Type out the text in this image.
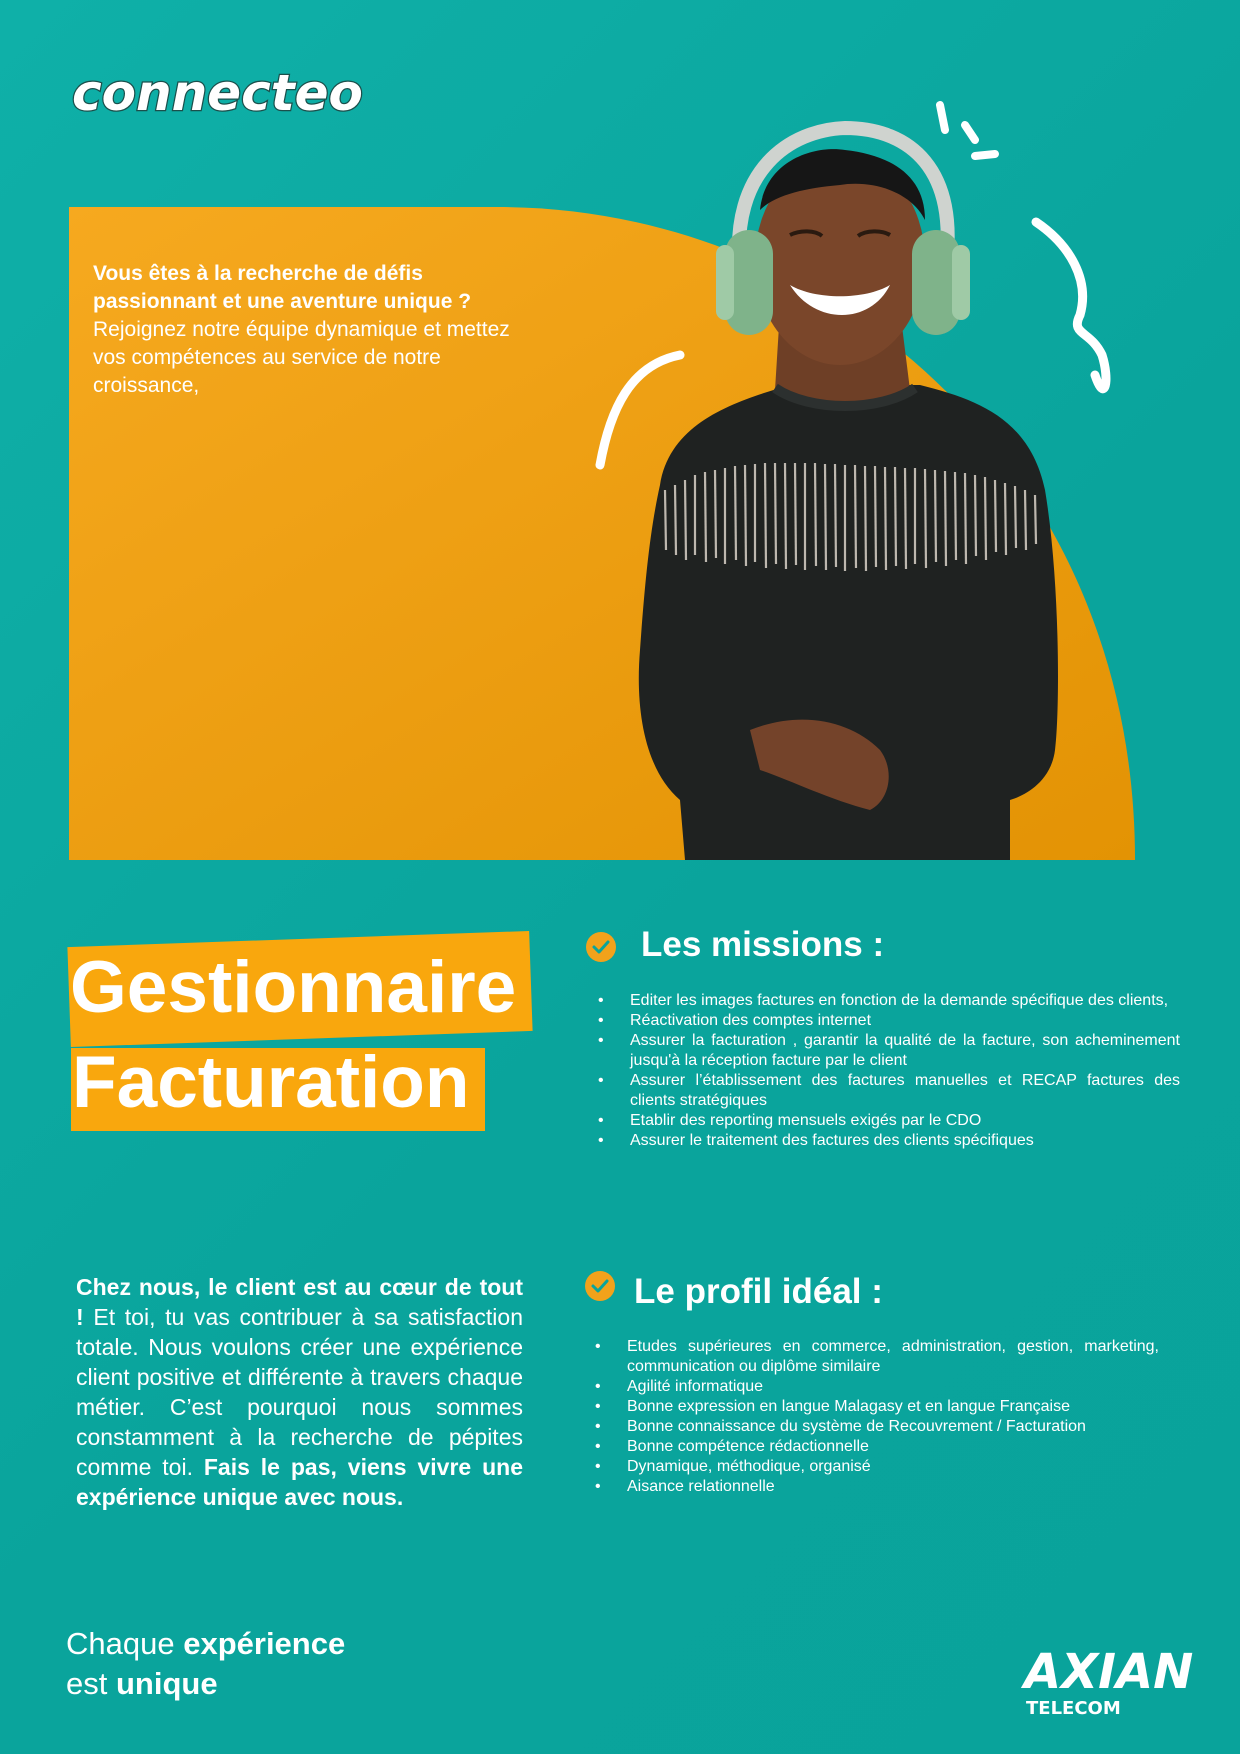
connecteo
Vous êtes à la recherche de défis passionnant et une aventure unique ?
Rejoignez notre équipe dynamique et mettez vos compétences au service de notre croissance,
Gestionnaire
Facturation
Les missions :
• Editer les images factures en fonction de la demande spécifique des clients,
• Réactivation des comptes internet
• Assurer la facturation , garantir la qualité de la facture, son acheminement jusqu'à la réception facture par le client
• Assurer l’établissement des factures manuelles et RECAP factures des clients stratégiques
• Etablir des reporting mensuels exigés par le CDO
• Assurer le traitement des factures des clients spécifiques
Chez nous, le client est au cœur de tout ! Et toi, tu vas contribuer à sa satisfaction totale. Nous voulons créer une expérience client positive et différente à travers chaque métier. C’est pourquoi nous sommes constamment à la recherche de pépites comme toi. Fais le pas, viens vivre une expérience unique avec nous.
Le profil idéal :
• Etudes supérieures en commerce, administration, gestion, marketing, communication ou diplôme similaire
• Agilité informatique
• Bonne expression en langue Malagasy et en langue Française
• Bonne connaissance du système de Recouvrement / Facturation
• Bonne compétence rédactionnelle
• Dynamique, méthodique, organisé
• Aisance relationnelle
Chaque expérience
est unique	AXIAN
TELECOM
